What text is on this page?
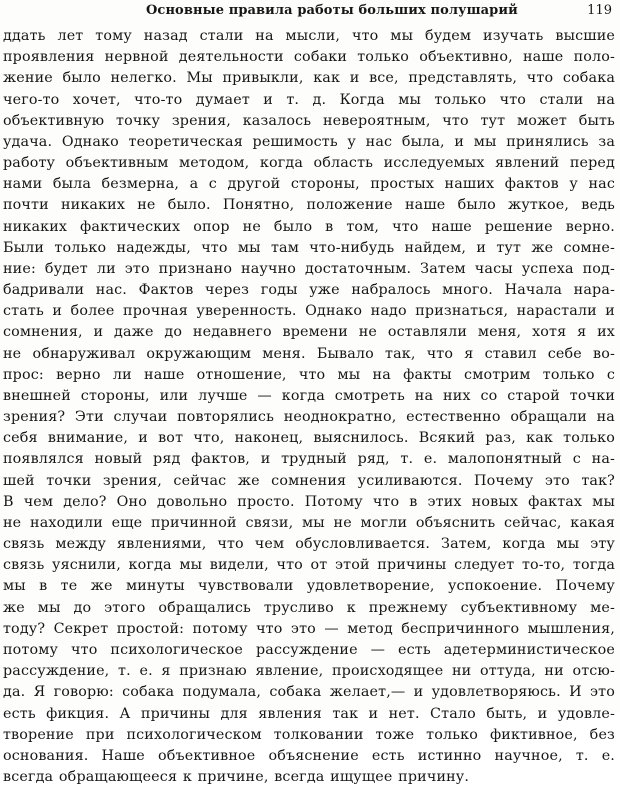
Основные правила работы больших полушарий	119
ддать лет тому назад стали на мысли, что мы будем изучать высшие
проявления нервной деятельности собаки только объективно, наше поло-
жение было нелегко. Мы привыкли, как и все, представлять, что собака
чего-то хочет, что-то думает и т. д. Когда мы только что стали на
объективную точку зрения, казалось невероятным, что тут может быть
удача. Однако теоретическая решимость у нас была, и мы принялись за
работу объективным методом, когда область исследуемых явлений перед
нами была безмерна, а с другой стороны, простых наших фактов у нас
почти никаких не было. Понятно, положение наше было жуткое, ведь
никаких фактических опор не было в том, что наше решение верно.
Были только надежды, что мы там что-нибудь найдем, и тут же сомне-
ние: будет ли это признано научно достаточным. Затем часы успеха под-
бадривали нас. Фактов через годы уже набралось много. Начала нара-
стать и более прочная уверенность. Однако надо признаться, нарастали и
сомнения, и даже до недавнего времени не оставляли меня, хотя я их
не обнаруживал окружающим меня. Бывало так, что я ставил себе во-
прос: верно ли наше отношение, что мы на факты смотрим только с
внешней стороны, или лучше — когда смотреть на них со старой точки
зрения? Эти случаи повторялись неоднократно, естественно обращали на
себя внимание, и вот что, наконец, выяснилось. Всякий раз, как только
появлялся новый ряд фактов, и трудный ряд, т. е. малопонятный с на-
шей точки зрения, сейчас же сомнения усиливаются. Почему это так?
В чем дело? Оно довольно просто. Потому что в этих новых фактах мы
не находили еще причинной связи, мы не могли объяснить сейчас, какая
связь между явлениями, что чем обусловливается. Затем, когда мы эту
связь уяснили, когда мы видели, что от этой причины следует то-то, тогда
мы в те же минуты чувствовали удовлетворение, успокоение. Почему
же мы до этого обращались трусливо к прежнему субъективному ме-
тоду? Секрет простой: потому что это — метод беспричинного мышления,
потому что психологическое рассуждение — есть адетерминистическое
рассуждение, т. е. я признаю явление, происходящее ни оттуда, ни отсю-
да. Я говорю: собака подумала, собака желает,— и удовлетворяюсь. И это
есть фикция. А причины для явления так и нет. Стало быть, и удовле-
творение при психологическом толковании тоже только фиктивное, без
основания. Наше объективное объяснение есть истинно научное, т. е.
всегда обращающееся к причине, всегда ищущее причину.
